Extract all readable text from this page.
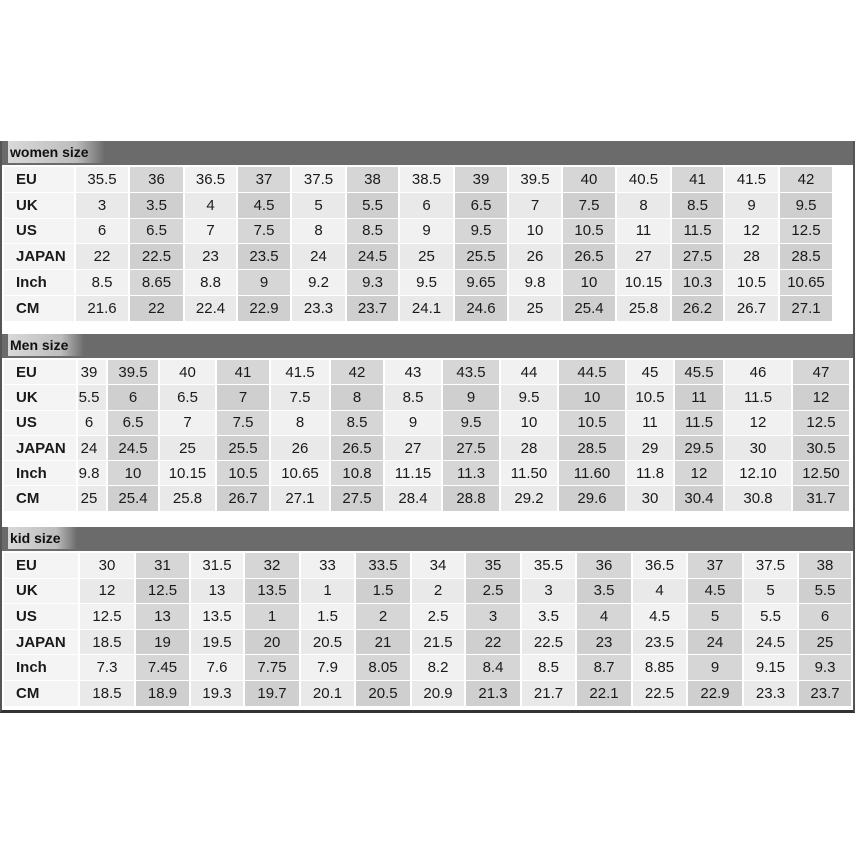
women size
EU	35.5	36	36.5	37	37.5	38	38.5	39	39.5	40	40.5	41	41.5	42
UK	3	3.5	4	4.5	5	5.5	6	6.5	7	7.5	8	8.5	9	9.5
US	6	6.5	7	7.5	8	8.5	9	9.5	10	10.5	11	11.5	12	12.5
JAPAN	22	22.5	23	23.5	24	24.5	25	25.5	26	26.5	27	27.5	28	28.5
Inch	8.5	8.65	8.8	9	9.2	9.3	9.5	9.65	9.8	10	10.15	10.3	10.5	10.65
CM	21.6	22	22.4	22.9	23.3	23.7	24.1	24.6	25	25.4	25.8	26.2	26.7	27.1
Men size
EU	39	39.5	40	41	41.5	42	43	43.5	44	44.5	45	45.5	46	47
UK	5.5	6	6.5	7	7.5	8	8.5	9	9.5	10	10.5	11	11.5	12
US	6	6.5	7	7.5	8	8.5	9	9.5	10	10.5	11	11.5	12	12.5
JAPAN	24	24.5	25	25.5	26	26.5	27	27.5	28	28.5	29	29.5	30	30.5
Inch	9.8	10	10.15	10.5	10.65	10.8	11.15	11.3	11.50	11.60	11.8	12	12.10	12.50
CM	25	25.4	25.8	26.7	27.1	27.5	28.4	28.8	29.2	29.6	30	30.4	30.8	31.7
kid size
EU	30	31	31.5	32	33	33.5	34	35	35.5	36	36.5	37	37.5	38
UK	12	12.5	13	13.5	1	1.5	2	2.5	3	3.5	4	4.5	5	5.5
US	12.5	13	13.5	1	1.5	2	2.5	3	3.5	4	4.5	5	5.5	6
JAPAN	18.5	19	19.5	20	20.5	21	21.5	22	22.5	23	23.5	24	24.5	25
Inch	7.3	7.45	7.6	7.75	7.9	8.05	8.2	8.4	8.5	8.7	8.85	9	9.15	9.3
CM	18.5	18.9	19.3	19.7	20.1	20.5	20.9	21.3	21.7	22.1	22.5	22.9	23.3	23.7
